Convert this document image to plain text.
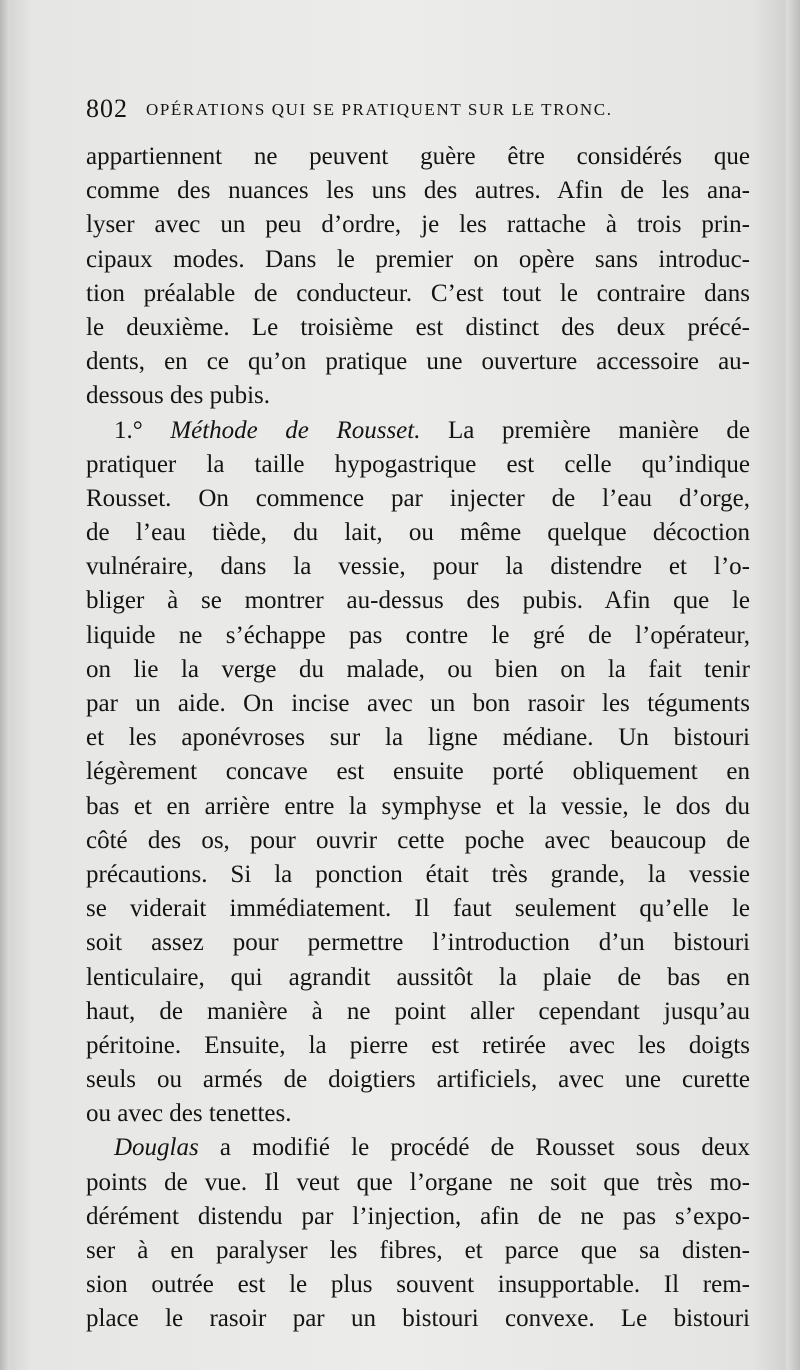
802 OPÉRATIONS QUI SE PRATIQUENT SUR LE TRONC.
appartiennent ne peuvent guère être considérés que
comme des nuances les uns des autres. Afin de les ana-
lyser avec un peu d’ordre, je les rattache à trois prin-
cipaux modes. Dans le premier on opère sans introduc-
tion préalable de conducteur. C’est tout le contraire dans
le deuxième. Le troisième est distinct des deux précé-
dents, en ce qu’on pratique une ouverture accessoire au-
dessous des pubis.
1.° Méthode de Rousset. La première manière de
pratiquer la taille hypogastrique est celle qu’indique
Rousset. On commence par injecter de l’eau d’orge,
de l’eau tiède, du lait, ou même quelque décoction
vulnéraire, dans la vessie, pour la distendre et l’o-
bliger à se montrer au-dessus des pubis. Afin que le
liquide ne s’échappe pas contre le gré de l’opérateur,
on lie la verge du malade, ou bien on la fait tenir
par un aide. On incise avec un bon rasoir les téguments
et les aponévroses sur la ligne médiane. Un bistouri
légèrement concave est ensuite porté obliquement en
bas et en arrière entre la symphyse et la vessie, le dos du
côté des os, pour ouvrir cette poche avec beaucoup de
précautions. Si la ponction était très grande, la vessie
se viderait immédiatement. Il faut seulement qu’elle le
soit assez pour permettre l’introduction d’un bistouri
lenticulaire, qui agrandit aussitôt la plaie de bas en
haut, de manière à ne point aller cependant jusqu’au
péritoine. Ensuite, la pierre est retirée avec les doigts
seuls ou armés de doigtiers artificiels, avec une curette
ou avec des tenettes.
Douglas a modifié le procédé de Rousset sous deux
points de vue. Il veut que l’organe ne soit que très mo-
dérément distendu par l’injection, afin de ne pas s’expo-
ser à en paralyser les fibres, et parce que sa disten-
sion outrée est le plus souvent insupportable. Il rem-
place le rasoir par un bistouri convexe. Le bistouri
